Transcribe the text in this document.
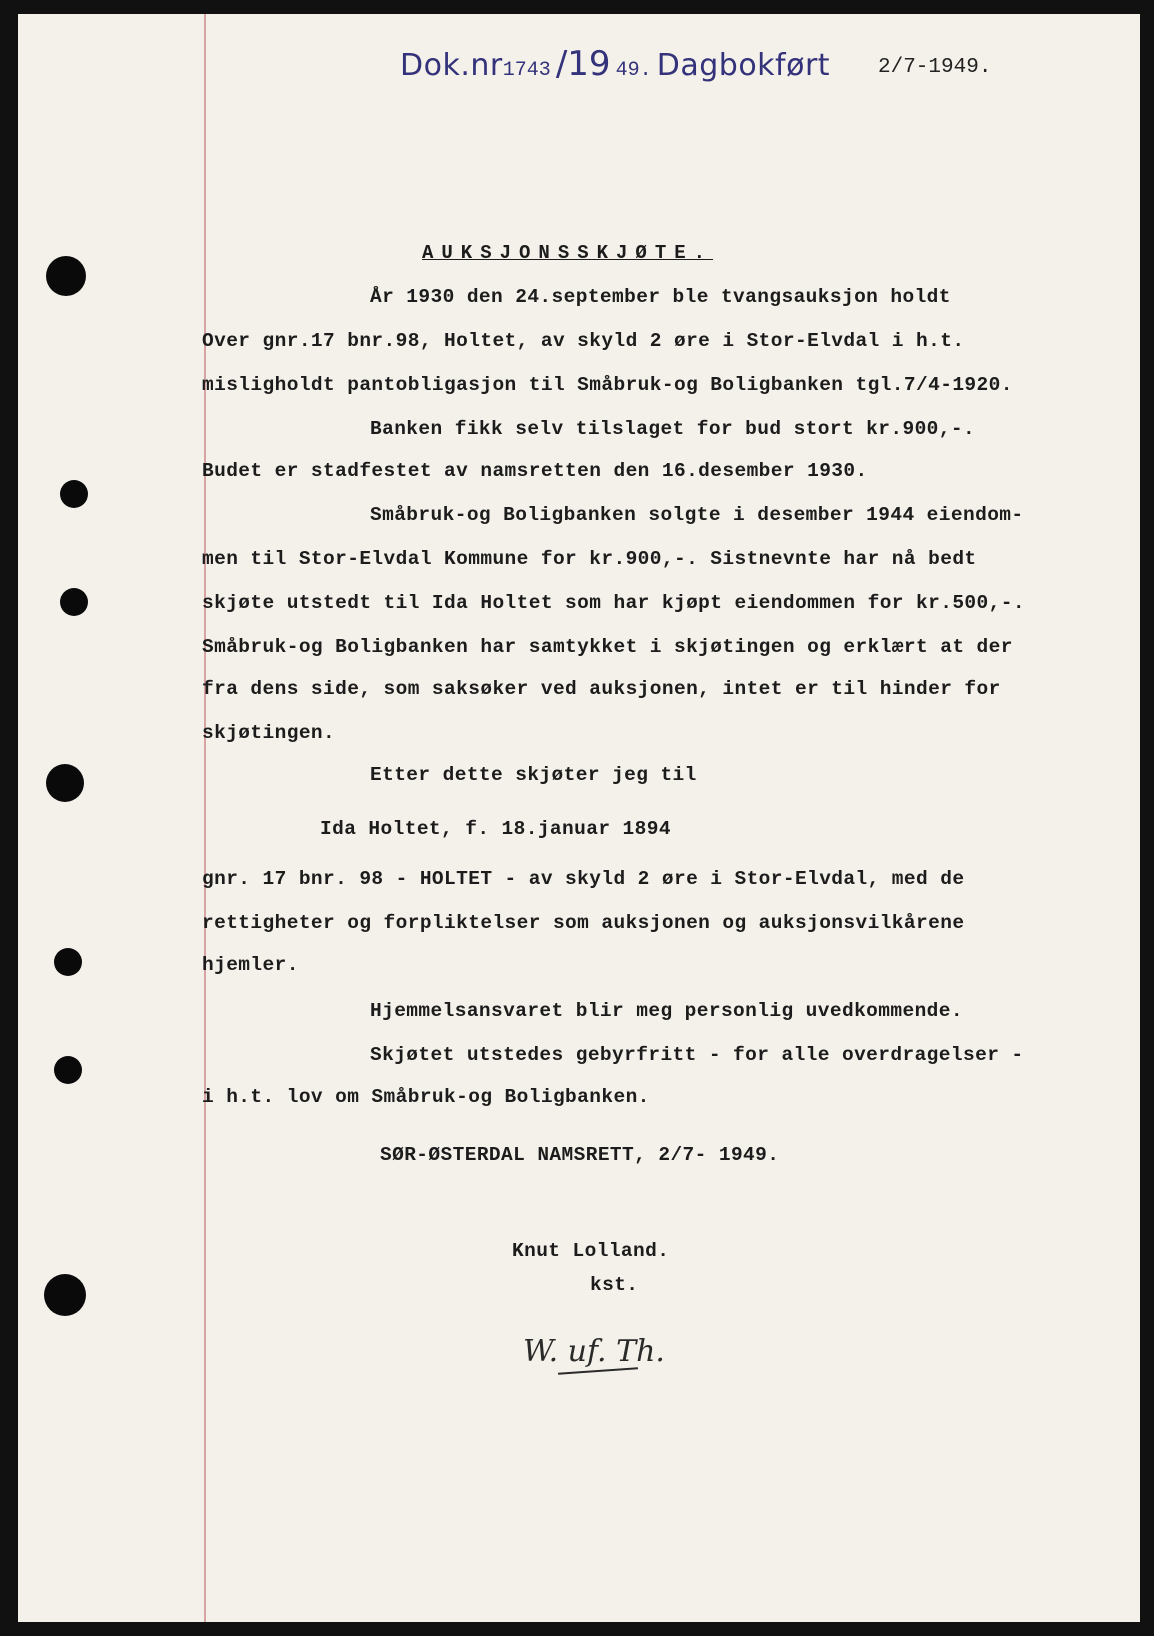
Dok.nr1743 /19 49. Dagbokført 2/7-1949.
AUKSJONSSKJØTE.
År 1930 den 24.september ble tvangsauksjon holdt
Over gnr.17 bnr.98, Holtet, av skyld 2 øre i Stor-Elvdal i h.t.
misligholdt pantobligasjon til Småbruk-og Boligbanken tgl.7/4-1920.
Banken fikk selv tilslaget for bud stort kr.900,-.
Budet er stadfestet av namsretten den 16.desember 1930.
Småbruk-og Boligbanken solgte i desember 1944 eiendom-
men til Stor-Elvdal Kommune for kr.900,-. Sistnevnte har nå bedt
skjøte utstedt til Ida Holtet som har kjøpt eiendommen for kr.500,-.
Småbruk-og Boligbanken har samtykket i skjøtingen og erklært at der
fra dens side, som saksøker ved auksjonen, intet er til hinder for
skjøtingen.
Etter dette skjøter jeg til
Ida Holtet, f. 18.januar 1894
gnr. 17 bnr. 98 - HOLTET - av skyld 2 øre i Stor-Elvdal, med de
rettigheter og forpliktelser som auksjonen og auksjonsvilkårene
hjemler.
Hjemmelsansvaret blir meg personlig uvedkommende.
Skjøtet utstedes gebyrfritt - for alle overdragelser -
i h.t. lov om Småbruk-og Boligbanken.
SØR-ØSTERDAL NAMSRETT, 2/7- 1949.
Knut Lolland.
kst.
W. uf. Th.
